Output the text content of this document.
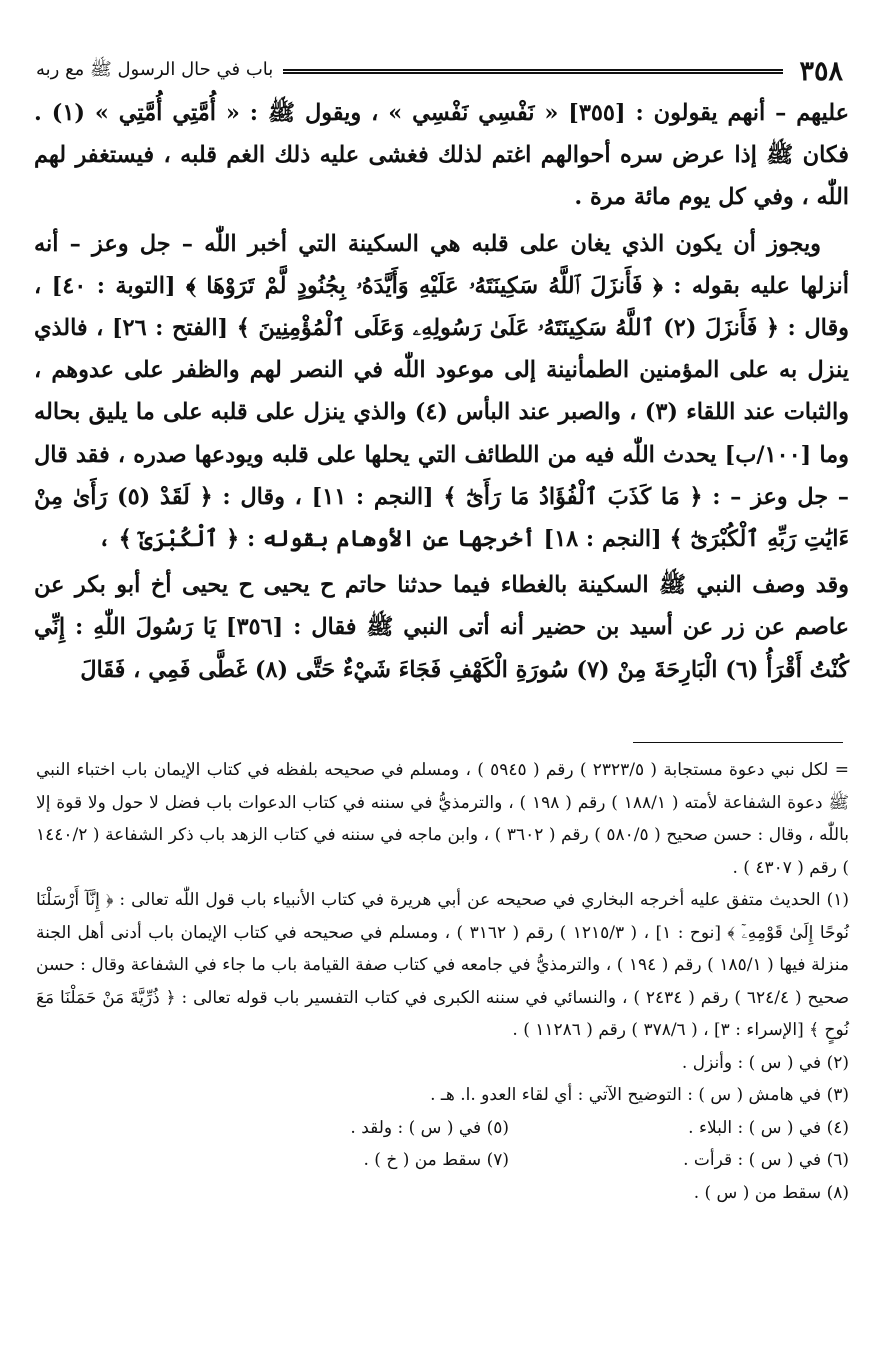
٣٥٨
باب في حال الرسول ﷺ مع ربه

عليهم – أنهم يقولون : [٣٥٥] « نَفْسِي نَفْسِي » ، ويقول ﷺ : « أُمَّتِي أُمَّتِي » (١) . فكان ﷺ إذا عرض سره أحوالهم اغتم لذلك فغشى عليه ذلك الغم قلبه ، فيستغفر لهم اللّٰه ، وفي كل يوم مائة مرة .

ويجوز أن يكون الذي يغان على قلبه هي السكينة التي أخبر اللّٰه – جل وعز – أنه أنزلها عليه بقوله : ﴿ فَأَنزَلَ ٱللَّهُ سَكِينَتَهُۥ عَلَيْهِ وَأَيَّدَهُۥ بِجُنُودٍ لَّمْ تَرَوْهَا ﴾ [التوبة : ٤٠] ، وقال : ﴿ فَأَنزَلَ (٢) ٱللَّهُ سَكِينَتَهُۥ عَلَىٰ رَسُولِهِۦ وَعَلَى ٱلْمُؤْمِنِينَ ﴾ [الفتح : ٢٦] ، فالذي ينزل به على المؤمنين الطمأنينة إلى موعود اللّٰه في النصر لهم والظفر على عدوهم ، والثبات عند اللقاء (٣) ، والصبر عند البأس (٤) والذي ينزل على قلبه على ما يليق بحاله وما [١٠٠/ب] يحدث اللّٰه فيه من اللطائف التي يحلها على قلبه ويودعها صدره ، فقد قال – جل وعز – : ﴿ مَا كَذَبَ ٱلْفُؤَادُ مَا رَأَىٰٓ ﴾ [النجم : ١١] ، وقال : ﴿ لَقَدْ (٥) رَأَىٰ مِنْ ءَايَٰتِ رَبِّهِ ٱلْكُبْرَىٰٓ ﴾ [النجم : ١٨] أخرجها عن الأوهام بقوله : ﴿ ٱلْكُبْرَىٰٓ ﴾ ،

وقد وصف النبي ﷺ السكينة بالغطاء فيما حدثنا حاتم ح يحيى ح يحيى أخ أبو بكر عن عاصم عن زر عن أسيد بن حضير أنه أتى النبي ﷺ فقال : [٣٥٦] يَا رَسُولَ اللّٰهِ : إِنِّي كُنْتُ أَقْرَأُ (٦) الْبَارِحَةَ مِنْ (٧) سُورَةِ الْكَهْفِ فَجَاءَ شَيْءٌ حَتَّى (٨) غَطَّى فَمِي ، فَقَالَ

= لكل نبي دعوة مستجابة ( ٢٣٢٣/٥ ) رقم ( ٥٩٤٥ ) ، ومسلم في صحيحه بلفظه في كتاب الإيمان باب اختباء النبي ﷺ دعوة الشفاعة لأمته ( ١٨٨/١ ) رقم ( ١٩٨ ) ، والترمذيُّ في سننه في كتاب الدعوات باب فضل لا حول ولا قوة إلا باللّٰه ، وقال : حسن صحيح ( ٥٨٠/٥ ) رقم ( ٣٦٠٢ ) ، وابن ماجه في سننه في كتاب الزهد باب ذكر الشفاعة ( ١٤٤٠/٢ ) رقم ( ٤٣٠٧ ) .

(١) الحديث متفق عليه أخرجه البخاري في صحيحه عن أبي هريرة في كتاب الأنبياء باب قول اللّٰه تعالى : ﴿ إِنَّآ أَرْسَلْنَا نُوحًا إِلَىٰ قَوْمِهِۦٓ ﴾ [نوح : ١] ، ( ١٢١٥/٣ ) رقم ( ٣١٦٢ ) ، ومسلم في صحيحه في كتاب الإيمان باب أدنى أهل الجنة منزلة فيها ( ١٨٥/١ ) رقم ( ١٩٤ ) ، والترمذيُّ في جامعه في كتاب صفة القيامة باب ما جاء في الشفاعة وقال : حسن صحيح ( ٦٢٤/٤ ) رقم ( ٢٤٣٤ ) ، والنسائي في سننه الكبرى في كتاب التفسير باب قوله تعالى : ﴿ ذُرِّيَّةَ مَنْ حَمَلْنَا مَعَ نُوحٍ ﴾ [الإسراء : ٣] ، ( ٣٧٨/٦ ) رقم ( ١١٢٨٦ ) .

(٢) في ( س ) : وأنزل .

(٣) في هامش ( س ) : التوضيح الآتي : أي لقاء العدو .ا. هـ .

(٤) في ( س ) : البلاء .
(٥) في ( س ) : ولقد .
(٦) في ( س ) : قرأت .
(٧) سقط من ( خ ) .

(٨) سقط من ( س ) .
